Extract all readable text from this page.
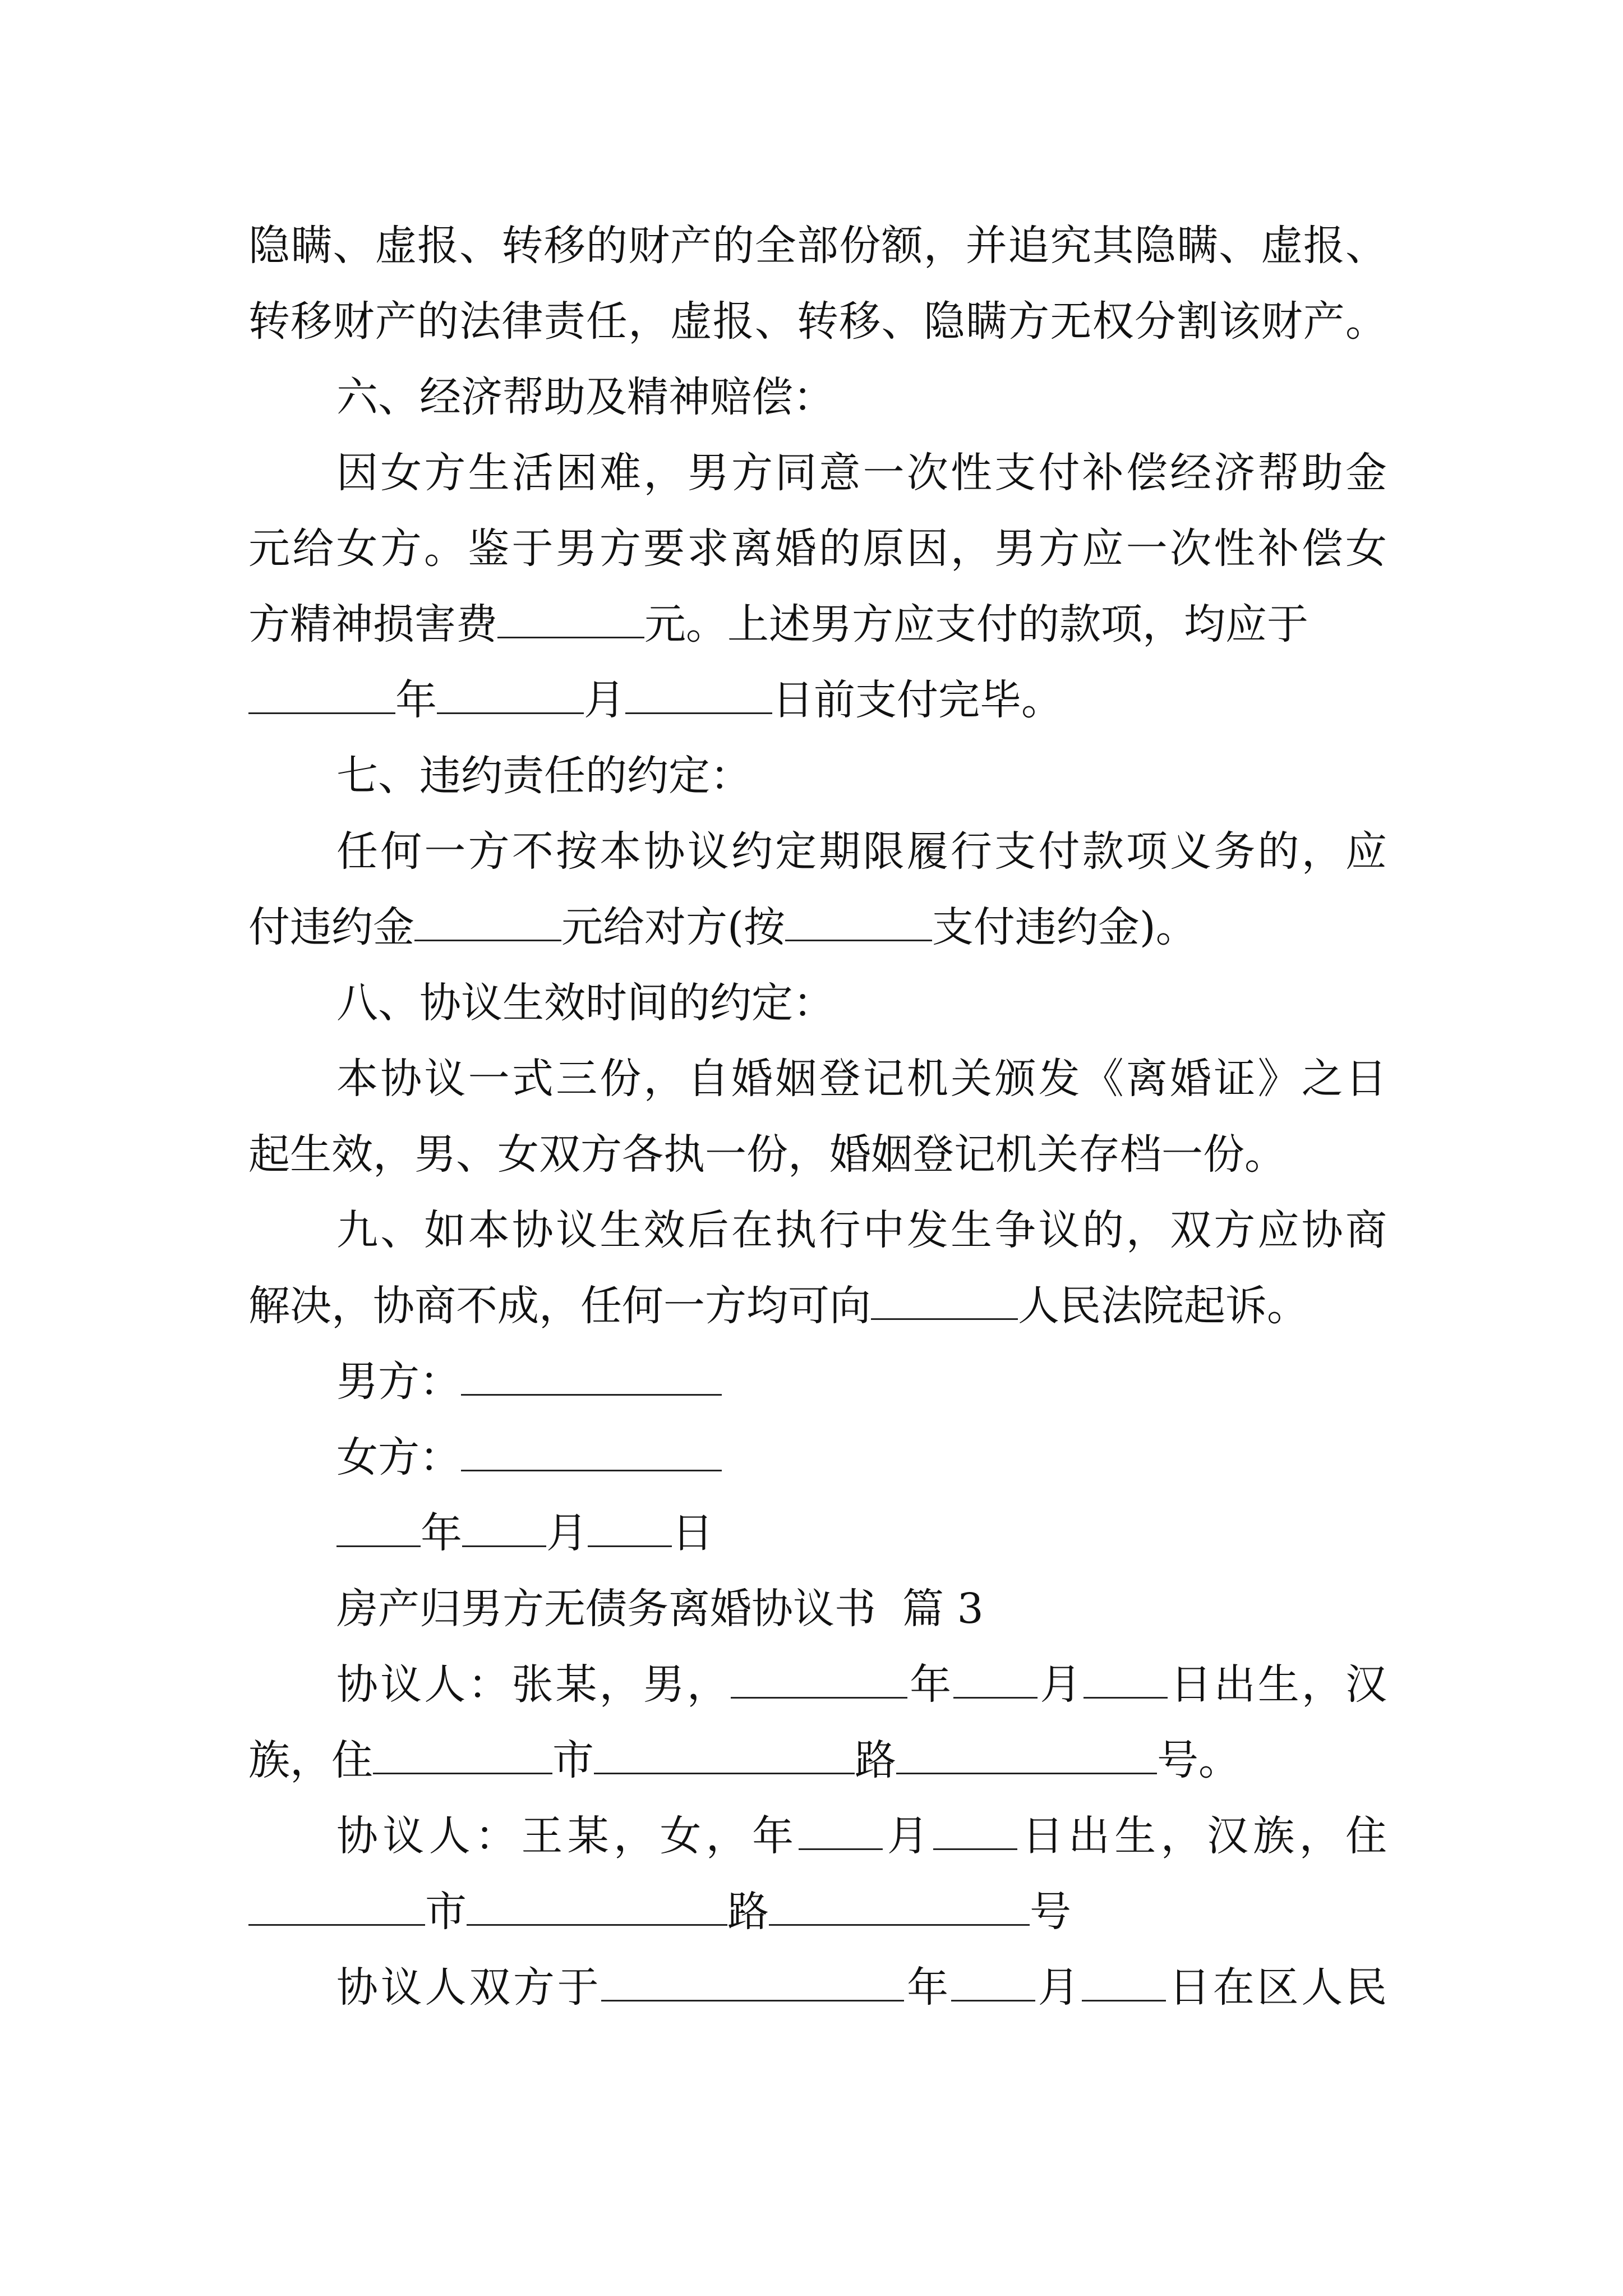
隐瞒、虚报、转移的财产的全部份额，并追究其隐瞒、虚报、
转移财产的法律责任，虚报、转移、隐瞒方无权分割该财产。
六、经济帮助及精神赔偿：
因女方生活困难，男方同意一次性支付补偿经济帮助金
元给女方。鉴于男方要求离婚的原因，男方应一次性补偿女
方精神损害费	元。上述男方应支付的款项，均应于
年	月	日前支付完毕。
七、违约责任的约定：
任何一方不按本协议约定期限履行支付款项义务的，应
付违约金	元给对方(按	支付违约金)。
八、协议生效时间的约定：
本协议一式三份，自婚姻登记机关颁发《离婚证》之日
起生效，男、女双方各执一份，婚姻登记机关存档一份。
九、如本协议生效后在执行中发生争议的，双方应协商
解决，协商不成，任何一方均可向	人民法院起诉。
男方：
女方：
年 月 日
房产归男方无债务离婚协议书  篇 3
协议人：张某，男，	年 月 日出生，汉
族，住	市	路	号。
协议人：王某，女，年 月 日出生，汉族，住
市	路	号
协议人双方于	年 月 日在区人民
